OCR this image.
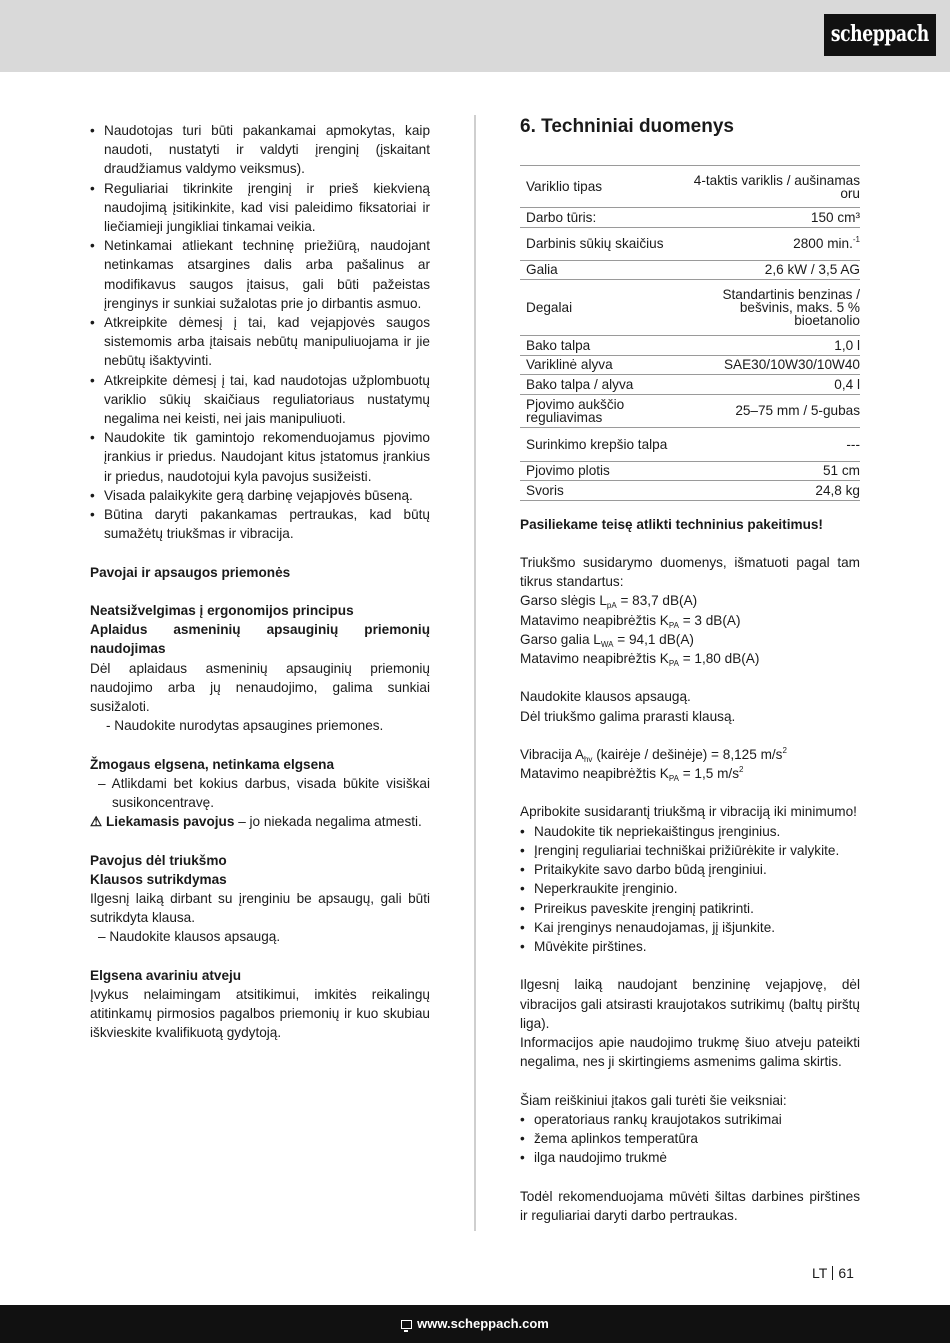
scheppach
• Naudotojas turi būti pakankamai apmokytas, kaip naudoti, nustatyti ir valdyti įrenginį (įskaitant draudžiamus valdymo veiksmus).
• Reguliariai tikrinkite įrenginį ir prieš kiekvieną naudojimą įsitikinkite, kad visi paleidimo fiksatoriai ir liečiamieji jungikliai tinkamai veikia.
• Netinkamai atliekant techninę priežiūrą, naudojant netinkamas atsargines dalis arba pašalinus ar modifikavus saugos įtaisus, gali būti pažeistas įrenginys ir sunkiai sužalotas prie jo dirbantis asmuo.
• Atkreipkite dėmesį į tai, kad vejapjovės saugos sistemomis arba įtaisais nebūtų manipuliuojama ir jie nebūtų išaktyvinti.
• Atkreipkite dėmesį į tai, kad naudotojas užplombuotų variklio sūkių skaičiaus reguliatoriaus nustatymų negalima nei keisti, nei jais manipuliuoti.
• Naudokite tik gamintojo rekomenduojamus pjovimo įrankius ir priedus. Naudojant kitus įstatomus įrankius ir priedus, naudotojui kyla pavojus susižeisti.
• Visada palaikykite gerą darbinę vejapjovės būseną.
• Būtina daryti pakankamas pertraukas, kad būtų sumažėtų triukšmas ir vibracija.
Pavojai ir apsaugos priemonės
Neatsižvelgimas į ergonomijos principus
Aplaidus asmeninių apsauginių priemonių naudojimas
Dėl aplaidaus asmeninių apsauginių priemonių naudojimo arba jų nenaudojimo, galima sunkiai susižaloti.
- Naudokite nurodytas apsaugines priemones.
Žmogaus elgsena, netinkama elgsena
– Atlikdami bet kokius darbus, visada būkite visiškai susikoncentravę.
⚠ Liekamasis pavojus – jo niekada negalima atmesti.
Pavojus dėl triukšmo
Klausos sutrikdymas
Ilgesnį laiką dirbant su įrenginiu be apsaugų, gali būti sutrikdyta klausa.
– Naudokite klausos apsaugą.
Elgsena avariniu atveju
Įvykus nelaimingam atsitikimui, imkitės reikalingų atitinkamų pirmosios pagalbos priemonių ir kuo skubiau iškvieskite kvalifikuotą gydytoją.
6. Techniniai duomenys
Variklio tipas	4-taktis variklis / aušinamas oru
Darbo tūris:	150 cm³
Darbinis sūkių skaičius	2800 min.$^{-1}$
Galia	2,6 kW / 3,5 AG
Degalai	Standartinis benzinas / bešvinis, maks. 5 % bioetanolio
Bako talpa	1,0 l
Variklinė alyva	SAE30/10W30/10W40
Bako talpa / alyva	0,4 l
Pjovimo aukščio reguliavimas	25–75 mm / 5-gubas
Surinkimo krepšio talpa	---
Pjovimo plotis	51 cm
Svoris	24,8 kg
Pasiliekame teisę atlikti techninius pakeitimus!
Triukšmo susidarymo duomenys, išmatuoti pagal tam tikrus standartus:
Garso slėgis $L_{pA} = 83,7$ dB(A)
Matavimo neapibrėžtis $K_{PA} = 3$ dB(A)
Garso galia $L_{WA} = 94,1$ dB(A)
Matavimo neapibrėžtis $K_{PA} = 1,80$ dB(A)
Naudokite klausos apsaugą.
Dėl triukšmo galima prarasti klausą.
Vibracija $A_{hv}$ (kairėje / dešinėje) = 8,125 $m/s^2$
Matavimo neapibrėžtis $K_{PA} = 1,5$ $m/s^2$
Apribokite susidarantį triukšmą ir vibraciją iki minimumo!
• Naudokite tik nepriekaištingus įrenginius.
• Įrenginį reguliariai techniškai prižiūrėkite ir valykite.
• Pritaikykite savo darbo būdą įrenginiui.
• Neperkraukite įrenginio.
• Prireikus paveskite įrenginį patikrinti.
• Kai įrenginys nenaudojamas, jį išjunkite.
• Mūvėkite pirštines.
Ilgesnį laiką naudojant benzininę vejapjovę, dėl vibracijos gali atsirasti kraujotakos sutrikimų (baltų pirštų liga).
Informacijos apie naudojimo trukmę šiuo atveju pateikti negalima, nes ji skirtingiems asmenims galima skirtis.
Šiam reiškiniui įtakos gali turėti šie veiksniai:
• operatoriaus rankų kraujotakos sutrikimai
• žema aplinkos temperatūra
• ilga naudojimo trukmė
Todėl rekomenduojama mūvėti šiltas darbines pirštines ir reguliariai daryti darbo pertraukas.
LT 61
www.scheppach.com
